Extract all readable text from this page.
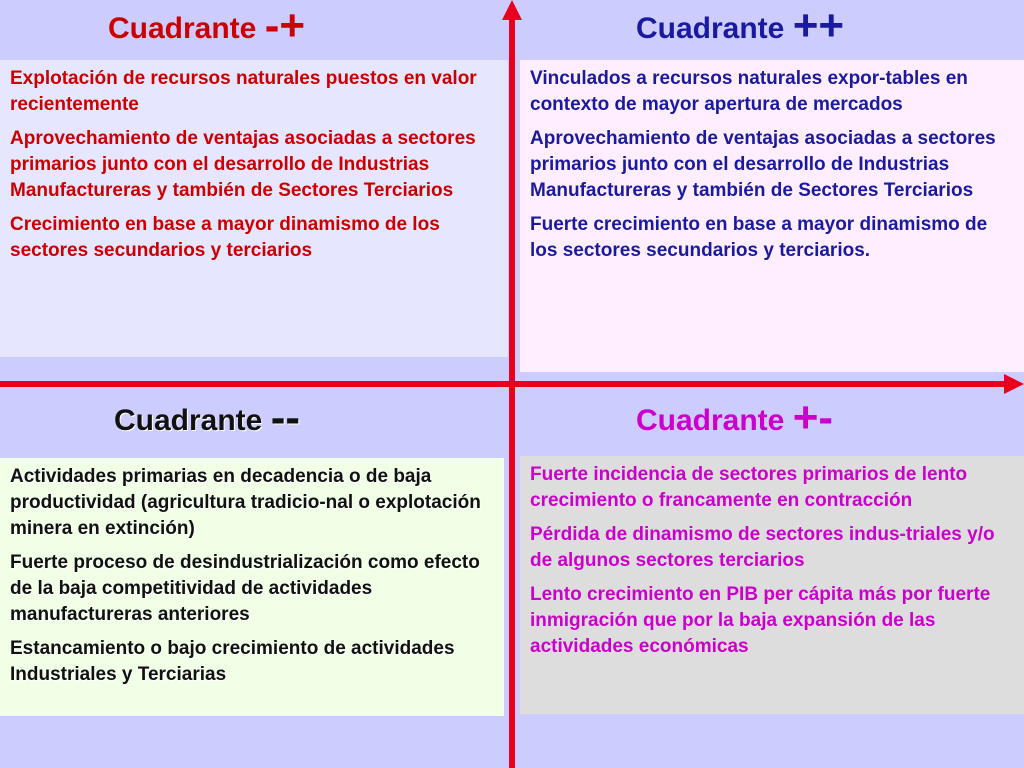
Cuadrante -+

Explotación de recursos naturales puestos en valor recientemente

Aprovechamiento de ventajas asociadas a sectores primarios junto con el desarrollo de Industrias Manufactureras y también de Sectores Terciarios

Crecimiento en base a mayor dinamismo de los sectores secundarios y terciarios

Cuadrante ++

Vinculados a recursos naturales expor-tables en contexto de mayor apertura de mercados

Aprovechamiento de ventajas asociadas a sectores primarios junto con el desarrollo de Industrias Manufactureras y también de Sectores Terciarios

Fuerte crecimiento en base a mayor dinamismo de los sectores secundarios y terciarios.

Cuadrante --

Actividades primarias en decadencia o de baja productividad (agricultura tradicio-nal o explotación minera en extinción)

Fuerte proceso de desindustrialización como efecto de la baja competitividad de actividades manufactureras anteriores

Estancamiento o bajo crecimiento de actividades Industriales y Terciarias

Cuadrante +-

Fuerte incidencia de sectores primarios de lento crecimiento o francamente en contracción

Pérdida de dinamismo de sectores indus-triales y/o de algunos sectores terciarios

Lento crecimiento en PIB per cápita más por fuerte inmigración que por la baja expansión de las actividades económicas
